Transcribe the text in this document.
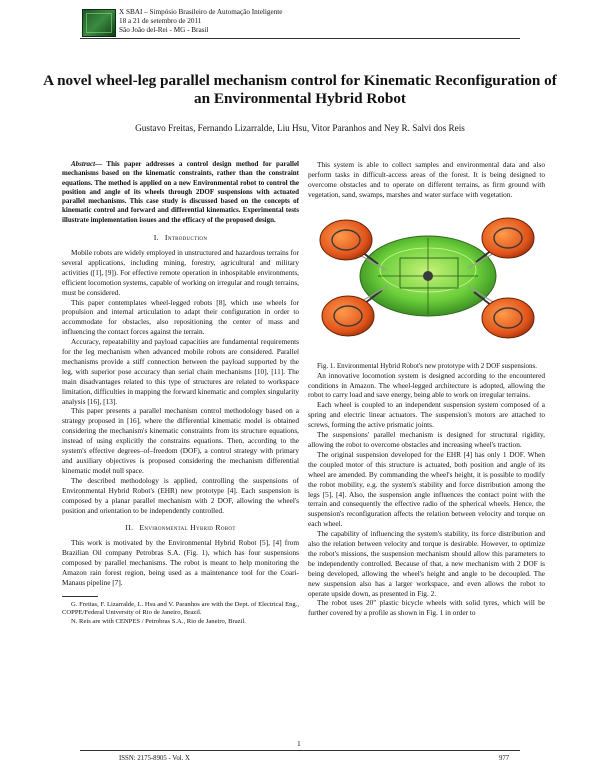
X SBAI – Simpósio Brasileiro de Automação Inteligente
18 a 21 de setembro de 2011
São João del-Rei - MG - Brasil
A novel wheel-leg parallel mechanism control for Kinematic Reconfiguration of an Environmental Hybrid Robot

Gustavo Freitas, Fernando Lizarralde, Liu Hsu, Vitor Paranhos and Ney R. Salvi dos Reis

Abstract— This paper addresses a control design method for parallel mechanisms based on the kinematic constraints, rather than the constraint equations. The method is applied on a new Environmental robot to control the position and angle of its wheels through 2DOF suspensions with actuated parallel mechanisms. This case study is discussed based on the concepts of kinematic control and forward and differential kinematics. Experimental tests illustrate implementation issues and the efficacy of the proposed design.

I. Introduction

Mobile robots are widely employed in unstructured and hazardous terrains for several applications, including mining, forestry, agricultural and military activities ([1], [9]). For effective remote operation in inhospitable environments, efficient locomotion systems, capable of working on irregular and rough terrains, must be considered.

This paper contemplates wheel-legged robots [8], which use wheels for propulsion and internal articulation to adapt their configuration in order to accommodate for obstacles, also repositioning the center of mass and influencing the contact forces against the terrain.

Accuracy, repeatability and payload capacities are fundamental requirements for the leg mechanism when advanced mobile robots are considered. Parallel mechanisms provide a stiff connection between the payload supported by the leg, with superior pose accuracy than serial chain mechanisms [10], [11]. The main disadvantages related to this type of structures are related to workspace limitation, difficulties in mapping the forward kinematic and complex singularity analysis [16], [13].

This paper presents a parallel mechanism control methodology based on a strategy proposed in [16], where the differential kinematic model is obtained considering the mechanism's kinematic constraints from its structure equations, instead of using explicitly the constrains equations. Then, according to the system's effective degrees–of–freedom (DOF), a control strategy with primary and auxiliary objectives is proposed considering the mechanism differential kinematic model null space.

The described methodology is applied, controlling the suspensions of Environmental Hybrid Robot's (EHR) new prototype [4]. Each suspension is composed by a planar parallel mechanism with 2 DOF, allowing the wheel's position and orientation to be independently controlled.

II. Environmental Hybrid Robot

This work is motivated by the Environmental Hybrid Robot [5], [4] from Brazilian Oil company Petrobras S.A. (Fig. 1), which has four suspensions composed by parallel mechanisms. The robot is meant to help monitoring the Amazon rain forest region, being used as a maintenance tool for the Coari-Manaus pipeline [7].

G. Freitas, F. Lizarralde, L. Hsu and V. Paranhos are with the Dept. of Electrical Eng., COPPE/Federal University of Rio de Janeiro, Brazil.

N. Reis are with CENPES / Petrobras S.A., Rio de Janeiro, Brazil.

This system is able to collect samples and environmental data and also perform tasks in difficult-access areas of the forest. It is being designed to overcome obstacles and to operate on different terrains, as firm ground with vegetation, sand, swamps, marshes and water surface with vegetation.

Fig. 1. Environmental Hybrid Robot's new prototype with 2 DOF suspensions.

An innovative locomotion system is designed according to the encountered conditions in Amazon. The wheel-legged architecture is adopted, allowing the robot to carry load and save energy, being able to work on irregular terrains.

Each wheel is coupled to an independent suspension system composed of a spring and electric linear actuators. The suspension's motors are attached to screws, forming the active prismatic joints.

The suspensions' parallel mechanism is designed for structural rigidity, allowing the robot to overcome obstacles and increasing wheel's traction.

The original suspension developed for the EHR [4] has only 1 DOF. When the coupled motor of this structure is actuated, both position and angle of its wheel are amended. By commanding the wheel's height, it is possible to modify the robot mobility, e.g. the system's stability and force distribution among the legs [5], [4]. Also, the suspension angle influences the contact point with the terrain and consequently the effective radio of the spherical wheels. Hence, the suspension's reconfiguration affects the relation between velocity and torque on each wheel.

The capability of influencing the system's stability, its force distribution and also the relation between velocity and torque is desirable. However, to optimize the robot's missions, the suspension mechanism should allow this parameters to be independently controlled. Because of that, a new mechanism with 2 DOF is being developed, allowing the wheel's height and angle to be decoupled. The new suspension also has a larger workspace, and even allows the robot to operate upside down, as presented in Fig. 2.

The robot uses 20" plastic bicycle wheels with solid tyres, which will be further covered by a profile as shown in Fig. 1 in order to

1
ISSN: 2175-8905 - Vol. X	977
